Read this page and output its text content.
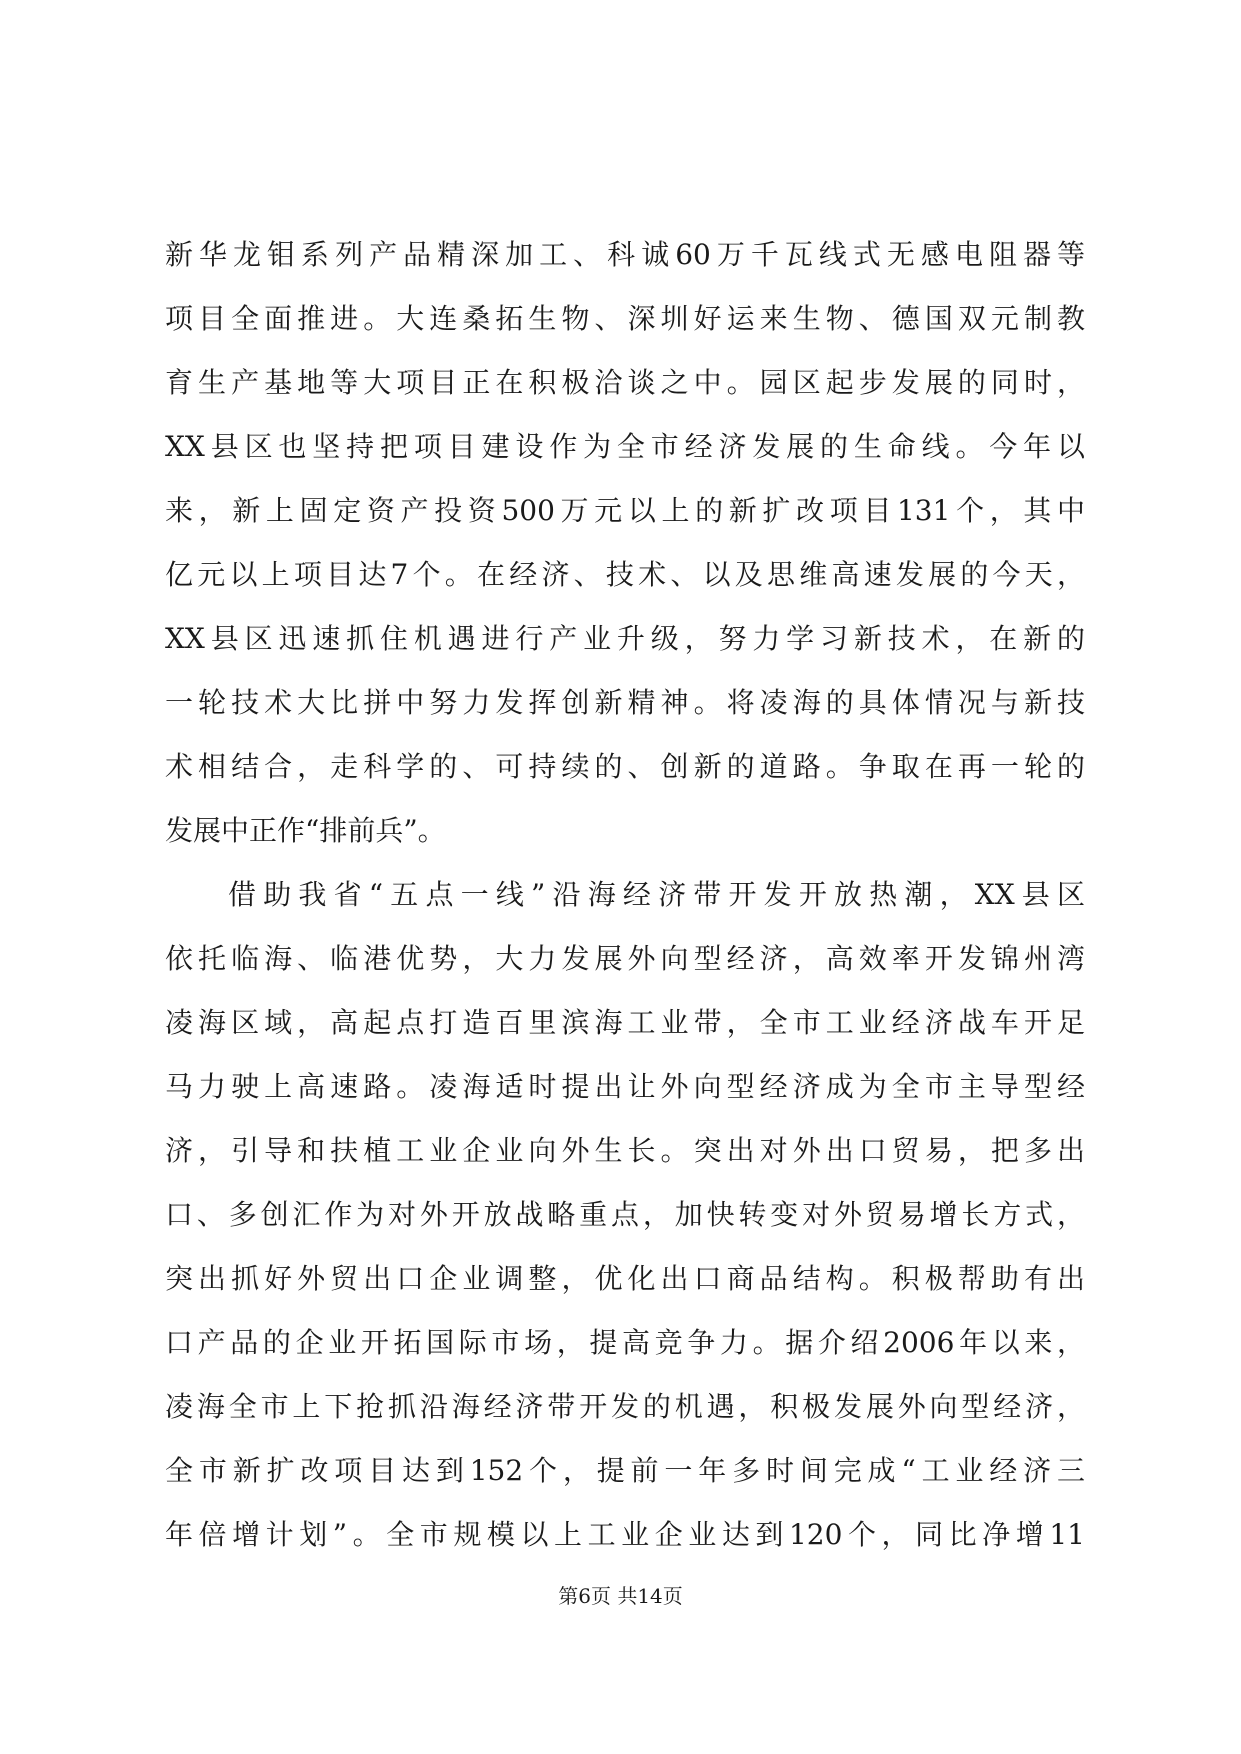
新华龙钼系列产品精深加工、科诚60万千瓦线式无感电阻器等
项目全面推进。大连桑拓生物、深圳好运来生物、德国双元制教
育生产基地等大项目正在积极洽谈之中。园区起步发展的同时，
XX县区也坚持把项目建设作为全市经济发展的生命线。今年以
来，新上固定资产投资500万元以上的新扩改项目131个，其中
亿元以上项目达7个。在经济、技术、以及思维高速发展的今天，
XX县区迅速抓住机遇进行产业升级，努力学习新技术，在新的
一轮技术大比拼中努力发挥创新精神。将凌海的具体情况与新技
术相结合，走科学的、可持续的、创新的道路。争取在再一轮的
发展中正作“排前兵”。
借助我省“五点一线”沿海经济带开发开放热潮，XX县区
依托临海、临港优势，大力发展外向型经济，高效率开发锦州湾
凌海区域，高起点打造百里滨海工业带，全市工业经济战车开足
马力驶上高速路。凌海适时提出让外向型经济成为全市主导型经
济，引导和扶植工业企业向外生长。突出对外出口贸易，把多出
口、多创汇作为对外开放战略重点，加快转变对外贸易增长方式，
突出抓好外贸出口企业调整，优化出口商品结构。积极帮助有出
口产品的企业开拓国际市场，提高竞争力。据介绍2006年以来，
凌海全市上下抢抓沿海经济带开发的机遇，积极发展外向型经济，
全市新扩改项目达到152个，提前一年多时间完成“工业经济三
年倍增计划”。全市规模以上工业企业达到120个，同比净增11
第6页 共14页
